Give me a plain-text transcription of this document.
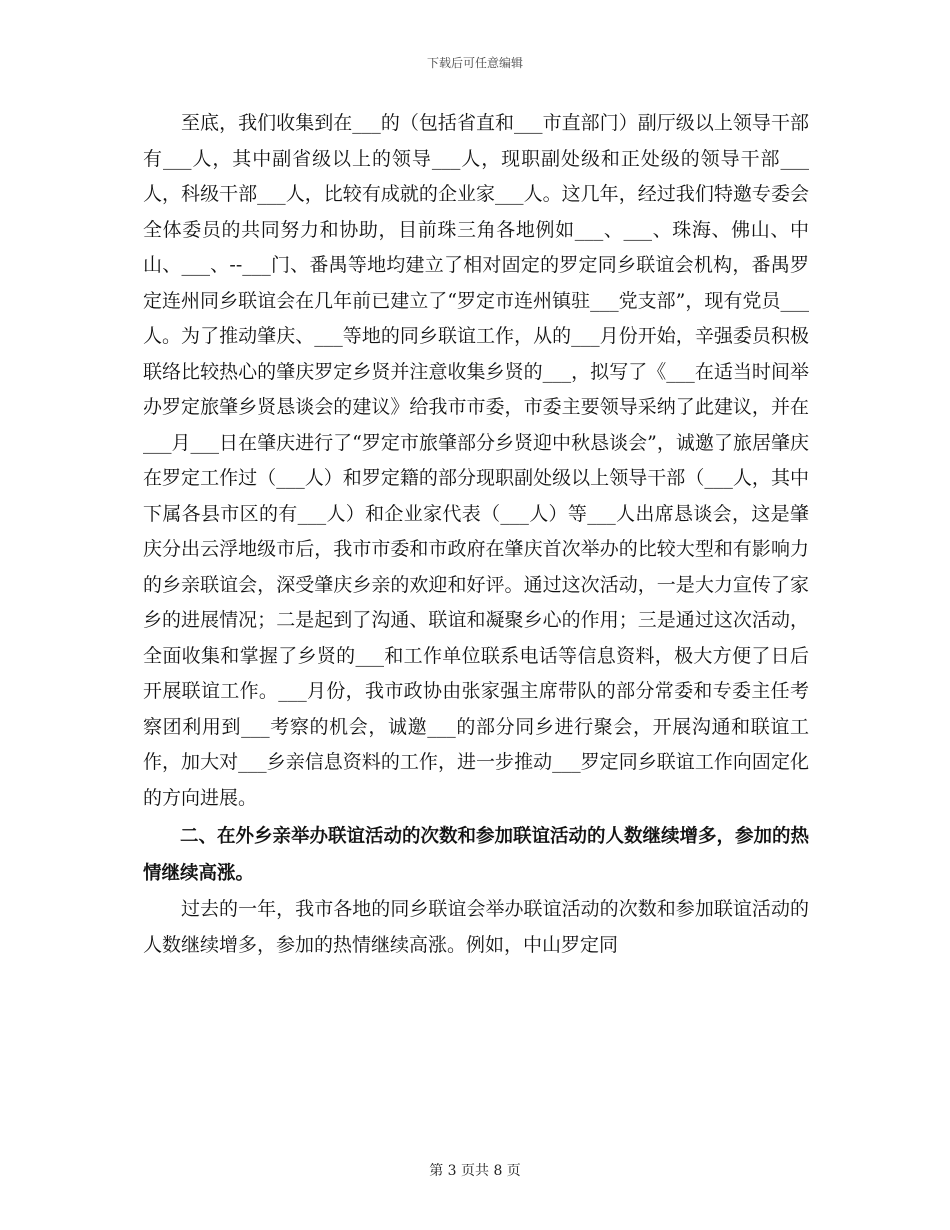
下载后可任意编辑

至底，我们收集到在___的（包括省直和___市直部门）副厅级以上领导干部有___人，其中副省级以上的领导___人，现职副处级和正处级的领导干部___人，科级干部___人，比较有成就的企业家___人。这几年，经过我们特邀专委会全体委员的共同努力和协助，目前珠三角各地例如___、___、珠海、佛山、中山、___、--___门、番禺等地均建立了相对固定的罗定同乡联谊会机构，番禺罗定连州同乡联谊会在几年前已建立了“罗定市连州镇驻___党支部”，现有党员___人。为了推动肇庆、___等地的同乡联谊工作，从的___月份开始，辛强委员积极联络比较热心的肇庆罗定乡贤并注意收集乡贤的___，拟写了《___在适当时间举办罗定旅肇乡贤恳谈会的建议》给我市市委，市委主要领导采纳了此建议，并在___月___日在肇庆进行了“罗定市旅肇部分乡贤迎中秋恳谈会”，诚邀了旅居肇庆在罗定工作过（___人）和罗定籍的部分现职副处级以上领导干部（___人，其中下属各县市区的有___人）和企业家代表（___人）等___人出席恳谈会，这是肇庆分出云浮地级市后，我市市委和市政府在肇庆首次举办的比较大型和有影响力的乡亲联谊会，深受肇庆乡亲的欢迎和好评。通过这次活动，一是大力宣传了家乡的进展情况；二是起到了沟通、联谊和凝聚乡心的作用；三是通过这次活动，全面收集和掌握了乡贤的___和工作单位联系电话等信息资料，极大方便了日后开展联谊工作。___月份，我市政协由张家强主席带队的部分常委和专委主任考察团利用到___考察的机会，诚邀___的部分同乡进行聚会，开展沟通和联谊工作，加大对___乡亲信息资料的工作，进一步推动___罗定同乡联谊工作向固定化的方向进展。

二、在外乡亲举办联谊活动的次数和参加联谊活动的人数继续增多，参加的热情继续高涨。

过去的一年，我市各地的同乡联谊会举办联谊活动的次数和参加联谊活动的人数继续增多，参加的热情继续高涨。例如，中山罗定同

第 3 页共 8 页
